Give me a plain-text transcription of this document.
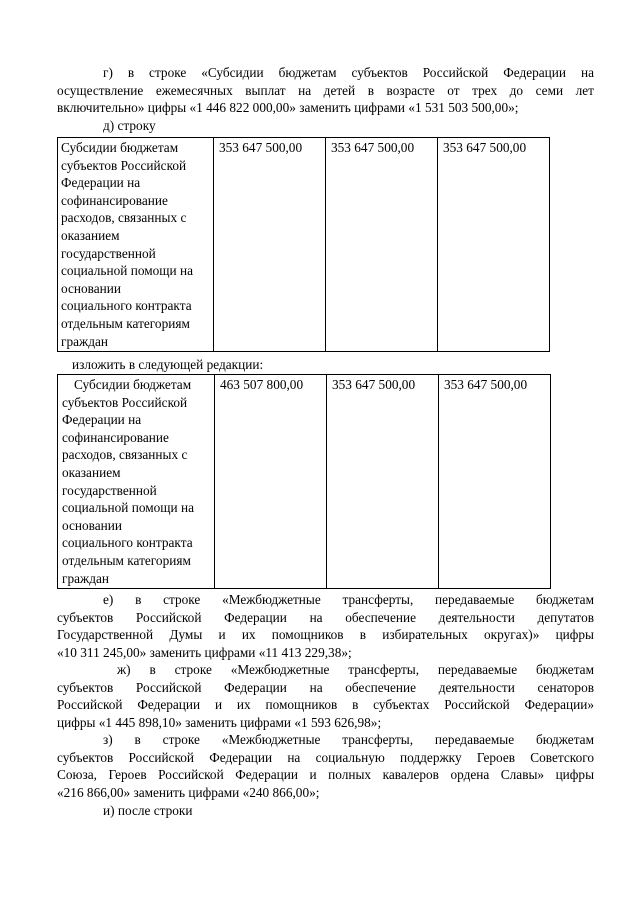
г) в строке «Субсидии бюджетам субъектов Российской Федерации на
осуществление ежемесячных выплат на детей в возрасте от трех до семи лет
включительно» цифры «1 446 822 000,00» заменить цифрами «1 531 503 500,00»;

д) строку

Субсидии бюджетам
субъектов Российской
Федерации на
софинансирование
расходов, связанных с
оказанием
государственной
социальной помощи на
основании
социального контракта
отдельным категориям
граждан
	353 647 500,00	353 647 500,00	353 647 500,00

изложить в следующей редакции:

Субсидии бюджетам
субъектов Российской
Федерации на
софинансирование
расходов, связанных с
оказанием
государственной
социальной помощи на
основании
социального контракта
отдельным категориям
граждан
	463 507 800,00	353 647 500,00	353 647 500,00
е) в строке «Межбюджетные трансферты, передаваемые бюджетам
субъектов Российской Федерации на обеспечение деятельности депутатов
Государственной Думы и их помощников в избирательных округах)» цифры
«10 311 245,00» заменить цифрами «11 413 229,38»;
ж) в строке «Межбюджетные трансферты, передаваемые бюджетам
субъектов Российской Федерации на обеспечение деятельности сенаторов
Российской Федерации и их помощников в субъектах Российской Федерации»
цифры «1 445 898,10» заменить цифрами «1 593 626,98»;
з) в строке «Межбюджетные трансферты, передаваемые бюджетам
субъектов Российской Федерации на социальную поддержку Героев Советского
Союза, Героев Российской Федерации и полных кавалеров ордена Славы» цифры
«216 866,00» заменить цифрами «240 866,00»;

и) после строки
